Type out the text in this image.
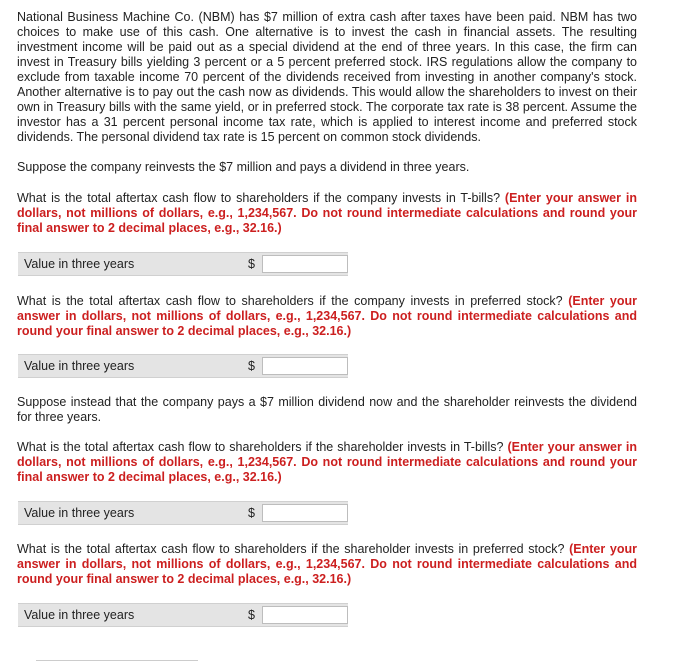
National Business Machine Co. (NBM) has $7 million of extra cash after taxes have been paid. NBM has two choices to make use of this cash. One alternative is to invest the cash in financial assets. The resulting investment income will be paid out as a special dividend at the end of three years. In this case, the firm can invest in Treasury bills yielding 3 percent or a 5 percent preferred stock. IRS regulations allow the company to exclude from taxable income 70 percent of the dividends received from investing in another company's stock. Another alternative is to pay out the cash now as dividends. This would allow the shareholders to invest on their own in Treasury bills with the same yield, or in preferred stock. The corporate tax rate is 38 percent. Assume the investor has a 31 percent personal income tax rate, which is applied to interest income and preferred stock dividends. The personal dividend tax rate is 15 percent on common stock dividends.

Suppose the company reinvests the $7 million and pays a dividend in three years.

What is the total aftertax cash flow to shareholders if the company invests in T-bills? (Enter your answer in dollars, not millions of dollars, e.g., 1,234,567. Do not round intermediate calculations and round your final answer to 2 decimal places, e.g., 32.16.)

Value in three years	$

What is the total aftertax cash flow to shareholders if the company invests in preferred stock? (Enter your answer in dollars, not millions of dollars, e.g., 1,234,567. Do not round intermediate calculations and round your final answer to 2 decimal places, e.g., 32.16.)

Value in three years	$

Suppose instead that the company pays a $7 million dividend now and the shareholder reinvests the dividend for three years.

What is the total aftertax cash flow to shareholders if the shareholder invests in T-bills? (Enter your answer in dollars, not millions of dollars, e.g., 1,234,567. Do not round intermediate calculations and round your final answer to 2 decimal places, e.g., 32.16.)

Value in three years	$

What is the total aftertax cash flow to shareholders if the shareholder invests in preferred stock? (Enter your answer in dollars, not millions of dollars, e.g., 1,234,567. Do not round intermediate calculations and round your final answer to 2 decimal places, e.g., 32.16.)

Value in three years	$
